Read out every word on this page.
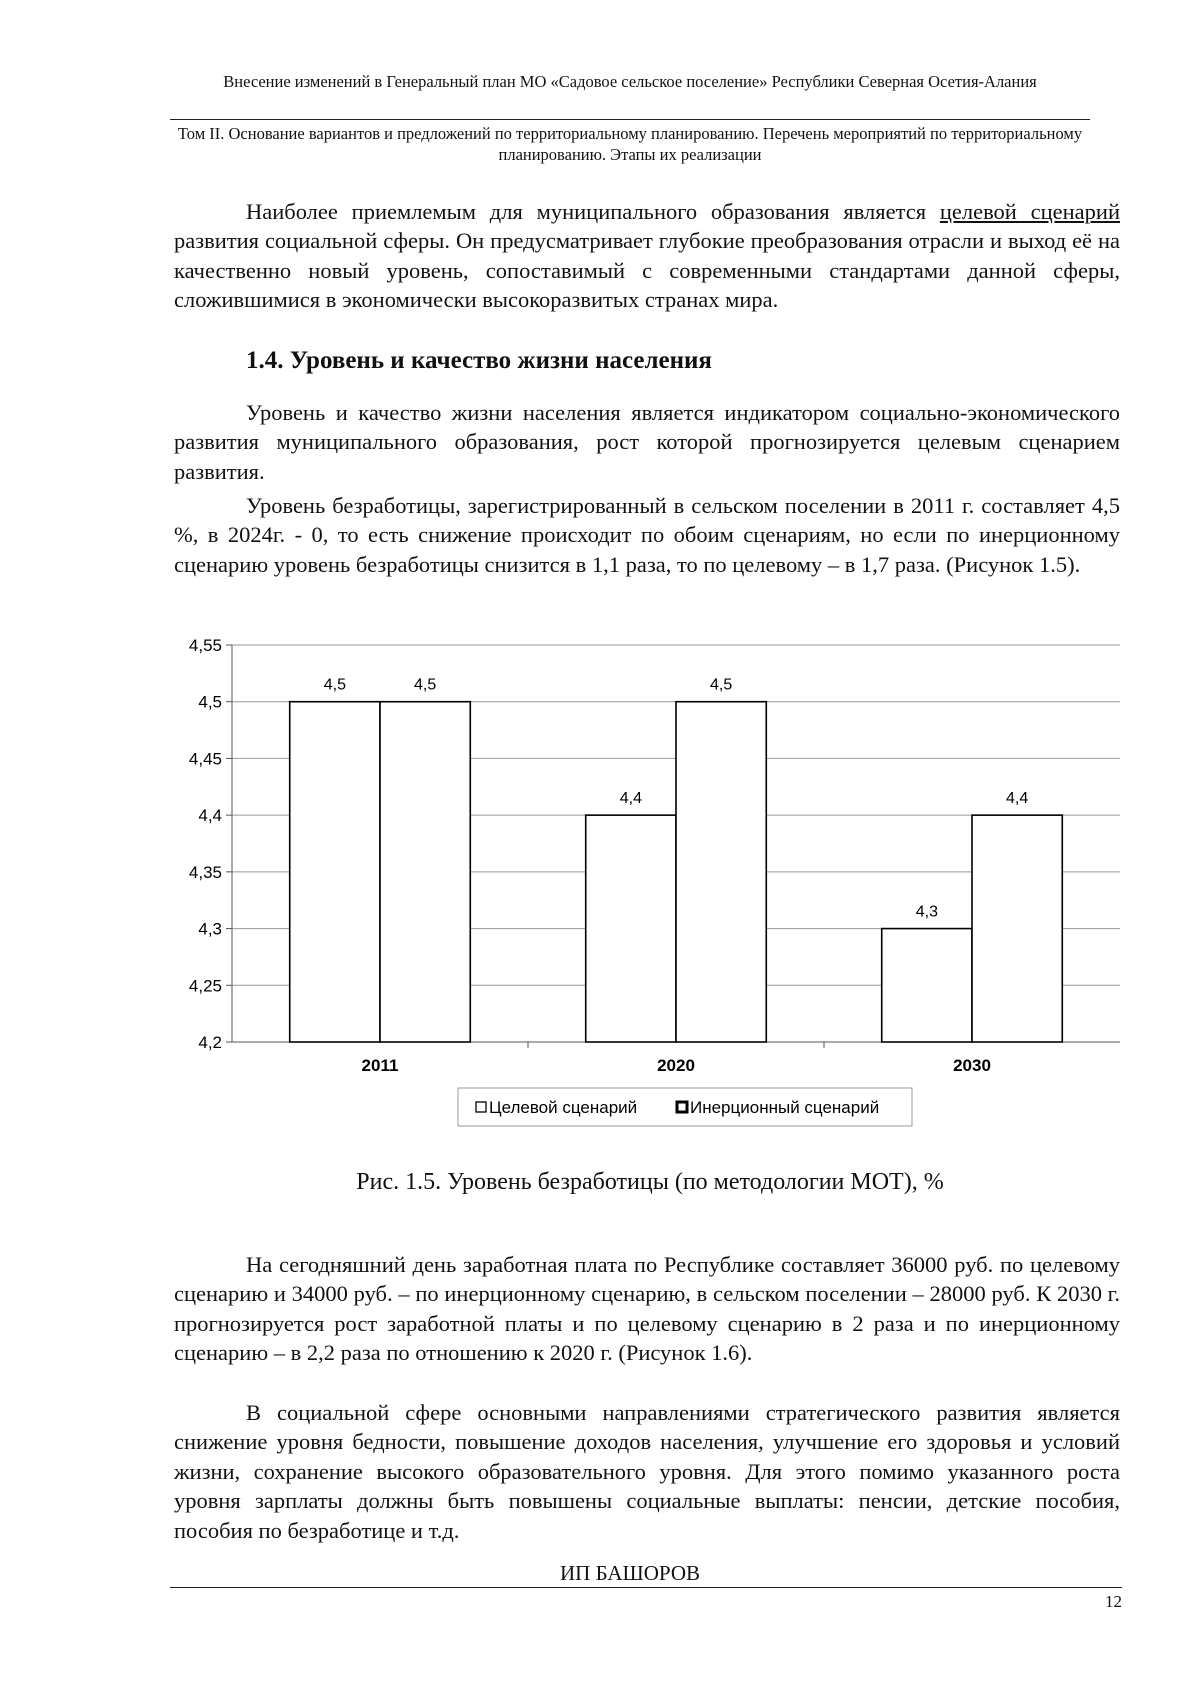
Внесение изменений в Генеральный план МО «Садовое сельское поселение» Республики Северная Осетия-Алания
Том II. Основание вариантов и предложений по территориальному планированию. Перечень мероприятий по территориальному планированию. Этапы их реализации
Наиболее приемлемым для муниципального образования является целевой сценарий развития социальной сферы. Он предусматривает глубокие преобразования отрасли и выход её на качественно новый уровень, сопоставимый с современными стандартами данной сферы, сложившимися в экономически высокоразвитых странах мира.
1.4. Уровень и качество жизни населения
Уровень и качество жизни населения является индикатором социально-экономического развития муниципального образования, рост которой прогнозируется целевым сценарием развития.
Уровень безработицы, зарегистрированный в сельском поселении в 2011 г. составляет 4,5 %, в 2024г. - 0, то есть снижение происходит по обоим сценариям, но если по инерционному сценарию уровень безработицы снизится в 1,1 раза, то по целевому – в 1,7 раза. (Рисунок 1.5).
4,2
4,25
4,3
4,35
4,4
4,45
4,5
4,55
4,5	4,5
2011
4,4
4,5
2020
4,3
4,4
2030
Целевой сценарий	Инерционный сценарий
Рис. 1.5. Уровень безработицы (по методологии МОТ), %
На сегодняшний день заработная плата по Республике составляет 36000 руб. по целевому сценарию и 34000 руб. – по инерционному сценарию, в сельском поселении – 28000 руб. К 2030 г. прогнозируется рост заработной платы и по целевому сценарию в 2 раза и по инерционному сценарию – в 2,2 раза по отношению к 2020 г. (Рисунок 1.6).
В социальной сфере основными направлениями стратегического развития является снижение уровня бедности, повышение доходов населения, улучшение его здоровья и условий жизни, сохранение высокого образовательного уровня. Для этого помимо указанного роста уровня зарплаты должны быть повышены социальные выплаты: пенсии, детские пособия, пособия по безработице и т.д.
ИП БАШОРОВ
12
